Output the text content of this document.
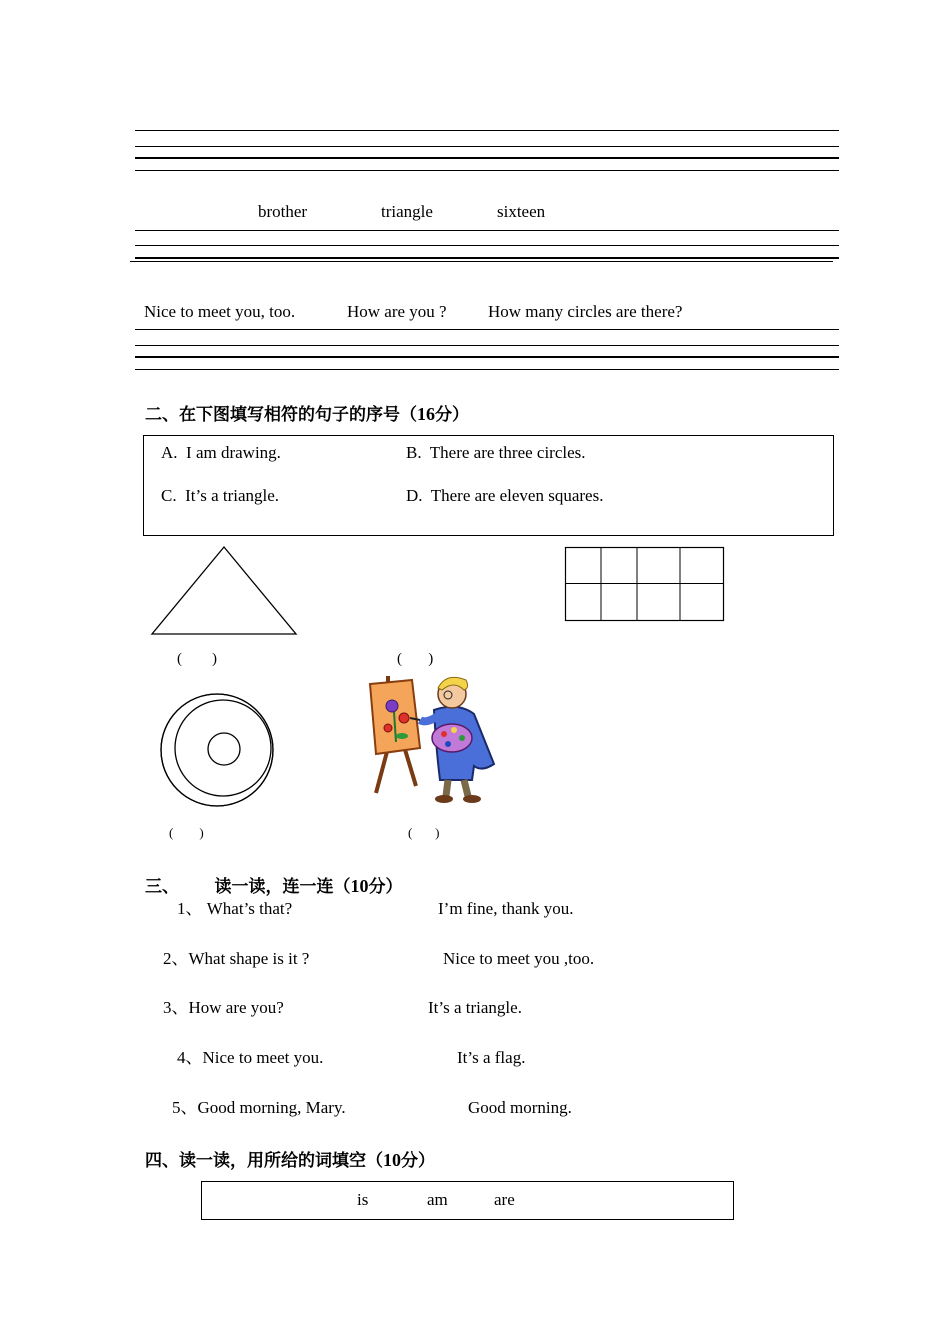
brother	triangle	sixteen
Nice to meet you, too.	How are you ? How many circles are there?
二、在下图填写相符的句子的序号（16分）
A. I am drawing.	B. There are three circles.
C. It’s a triangle.	D. There are eleven squares.
(        )	(       )
(        )	(       )
三、      读一读，连一连（10分）
1、 What’s that?	I’m fine, thank you.
2、What shape is it ?	Nice to meet you ,too.
3、How are you?	It’s a triangle.
4、Nice to meet you.	It’s a flag.
5、Good morning, Mary.	Good morning.
四、读一读，用所给的词填空（10分）
is	am	are
